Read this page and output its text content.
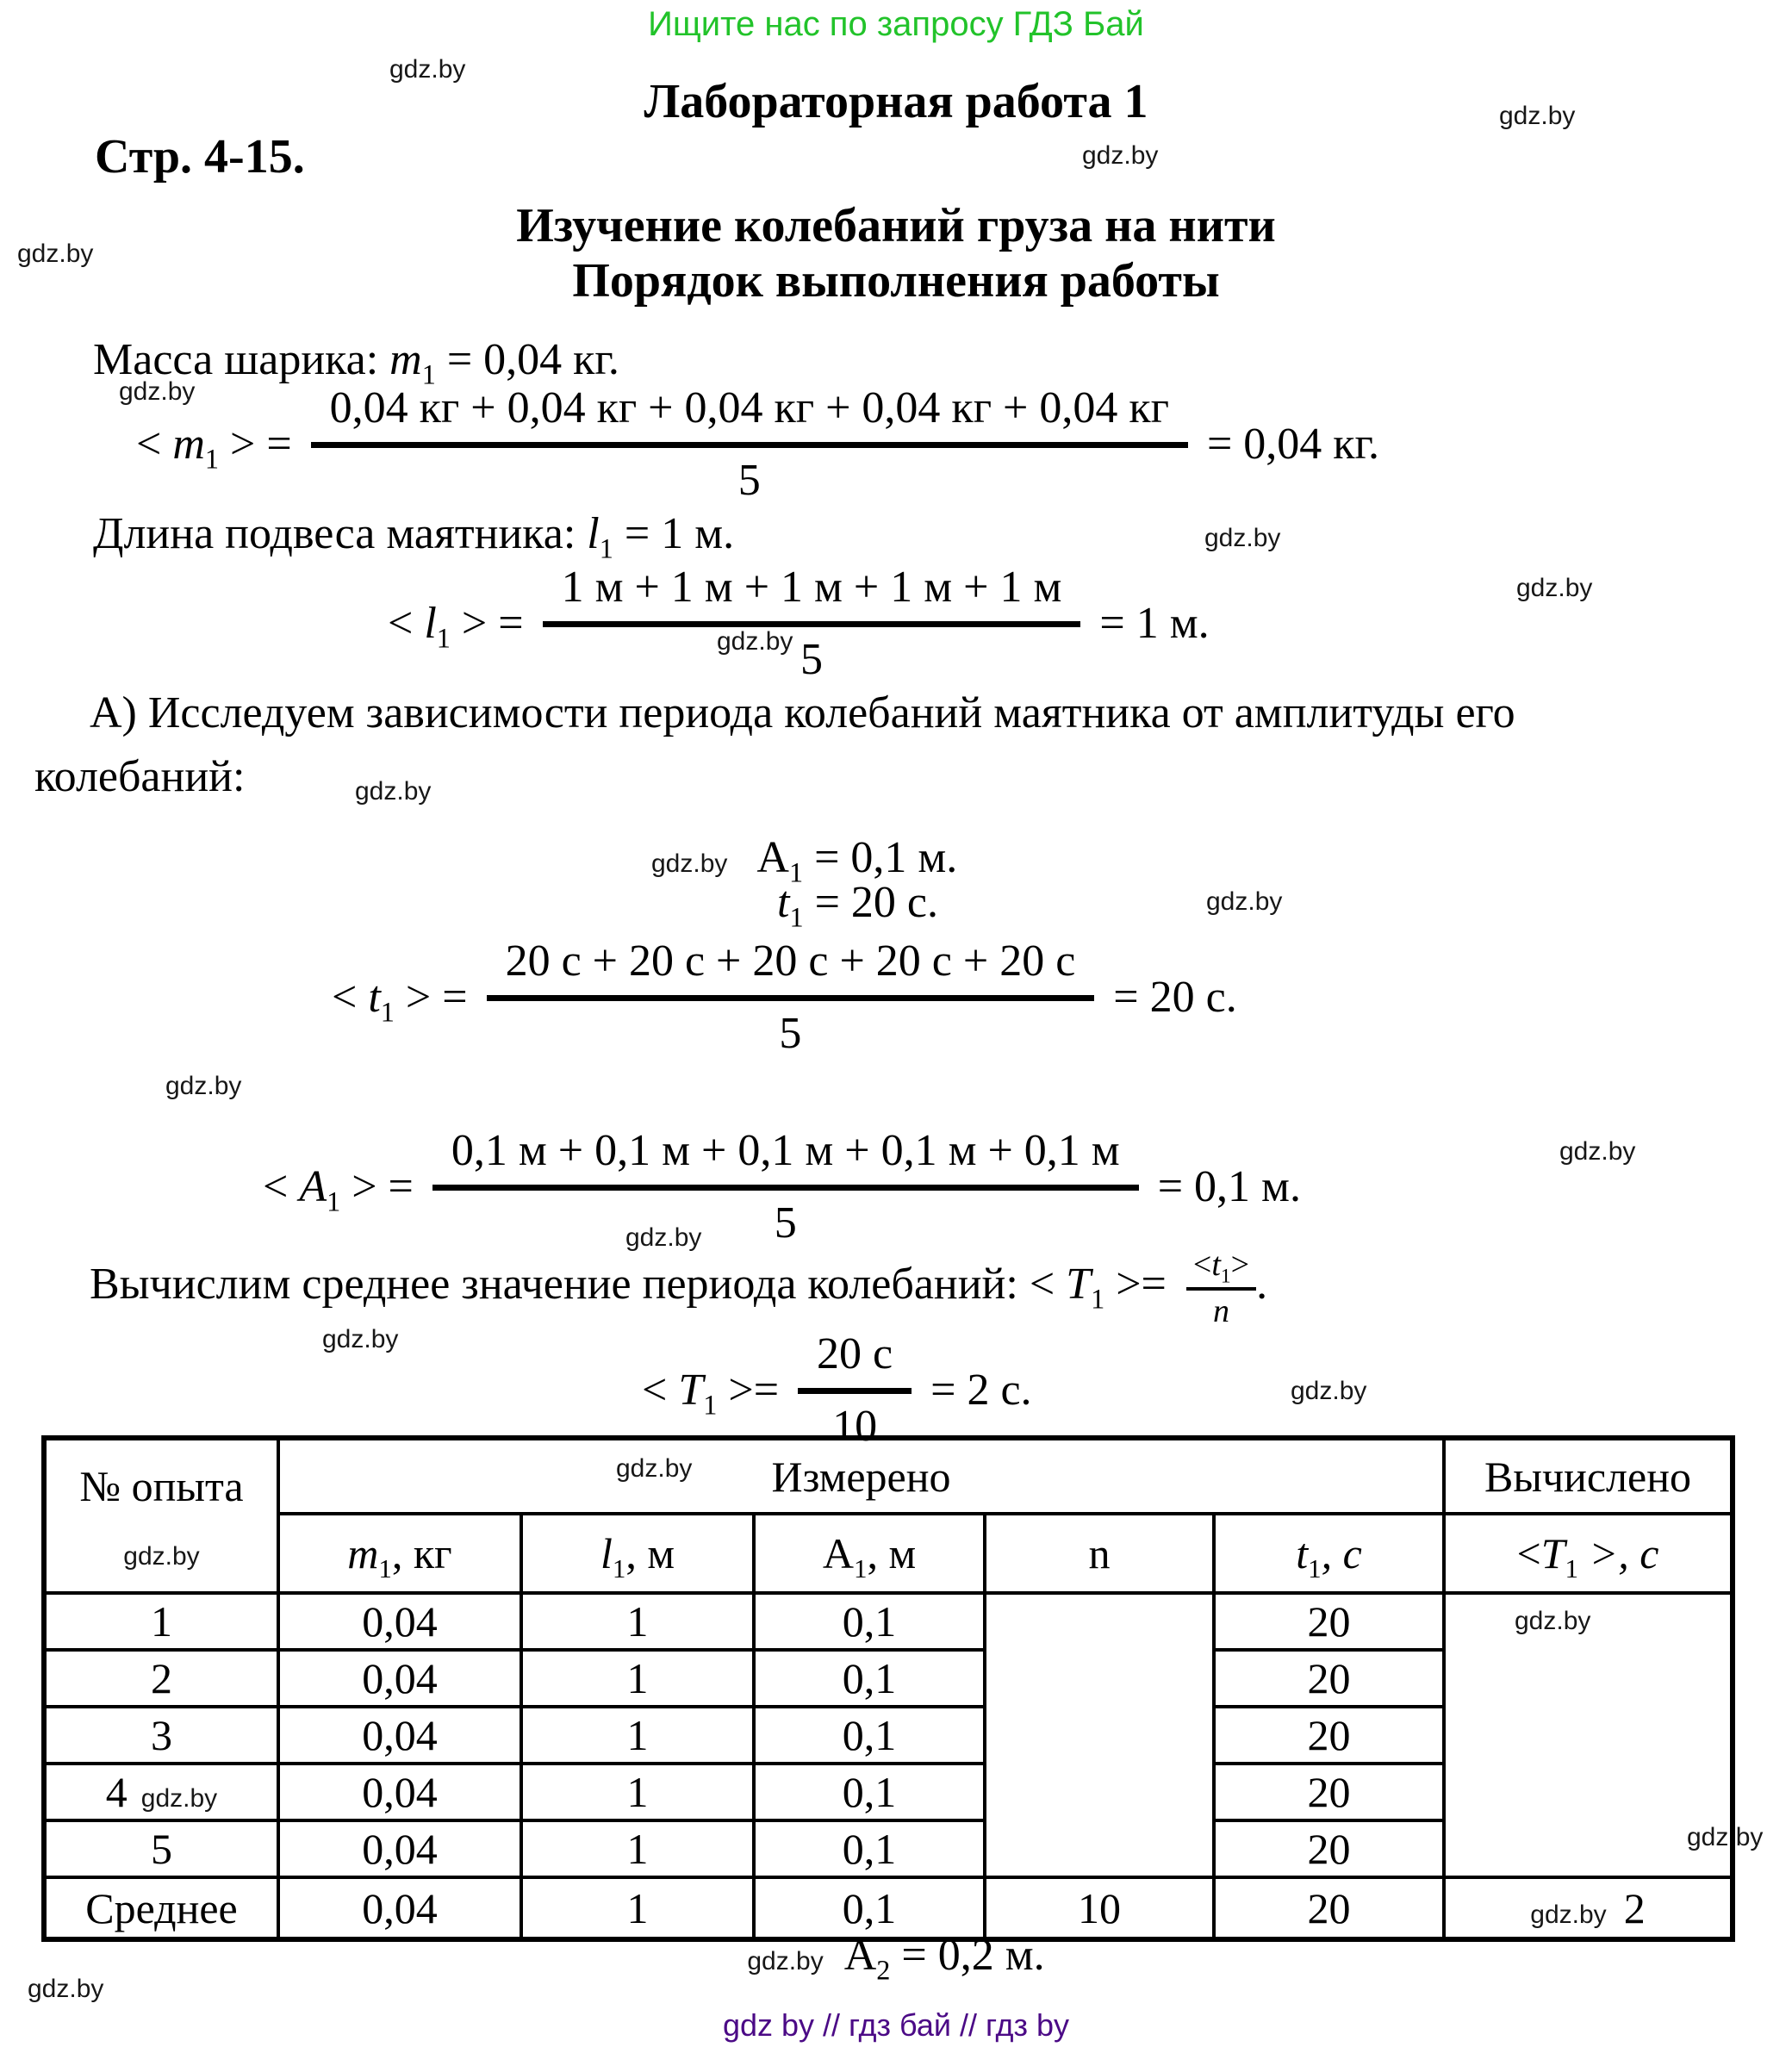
Ищите нас по запросу ГДЗ Бай
gdz.by
gdz.by
gdz.by
gdz.by
gdz.by
gdz.by
gdz.by
gdz.by
gdz.by
gdz.by
gdz.by
gdz.by
gdz.by
gdz.by
gdz.by
gdz.by
gdz.by
Лабораторная работа 1
Стр. 4-15.
Изучение колебаний груза на нити
Порядок выполнения работы
Масса шарика: $m_1 = 0,04$ кг.
< $m_1$ > = $\frac{0,04 кг + 0,04 кг + 0,04 кг + 0,04 кг + 0,04 кг}{5} = 0,04$ кг.
Длина подвеса маятника: $l_1 = 1$ м.
< $l_1$ > = $\frac{1 м + 1 м + 1 м + 1 м + 1 м}{5} = 1$ м.
А) Исследуем зависимости периода колебаний маятника от амплитуды его
колебаний:
gdz.by $А_1 = 0,1$ м.
$t_1 = 20$ с.
< $t_1$ > = $\frac{20 с + 20 с + 20 с + 20 с + 20 с}{5} = 20$ с.
< $A_1$ > = $\frac{0,1 м + 0,1 м + 0,1 м + 0,1 м + 0,1 м}{5} = 0,1$ м.
Вычислим среднее значение периода колебаний: < $T_1 >= \frac{<t_1>}{n}$ .
< $T_1 >= \frac{20 с}{10} = 2$ с.
№ опыта
gdz.by

gdz.by Измерено	Вычислено
	$m_1$, кг	$l_1$, м	$А_1$, м	n	$t_1$, c	$<T_1$ >, c
1	0,04	1	0,1		20	gdz.by

2	0,04	1	0,1		20	
3	0,04	1	0,1		20	
4 gdz.by	0,04	1	0,1		20	
5	0,04	1	0,1		20	
Среднее	0,04	1	0,1	10	20	gdz.by 2
gdz.by $А_2 = 0,2$ м.
gdz by // гдз бай // гдз by
